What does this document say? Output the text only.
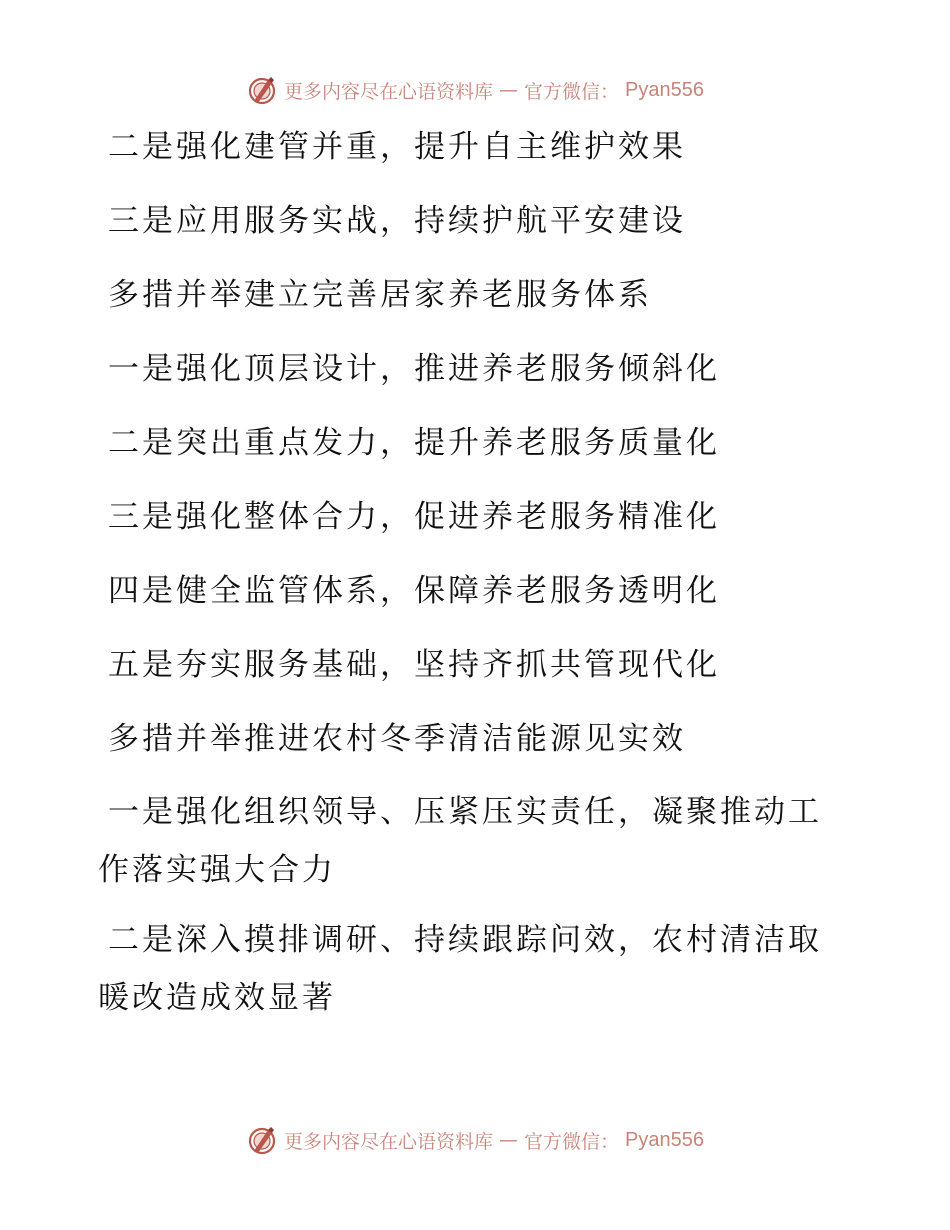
更多内容尽在心语资料库 — 官方微信： Pyan556

二是强化建管并重，提升自主维护效果

三是应用服务实战，持续护航平安建设

多措并举建立完善居家养老服务体系

一是强化顶层设计，推进养老服务倾斜化

二是突出重点发力，提升养老服务质量化

三是强化整体合力，促进养老服务精准化

四是健全监管体系，保障养老服务透明化

五是夯实服务基础，坚持齐抓共管现代化

多措并举推进农村冬季清洁能源见实效

一是强化组织领导、压紧压实责任，凝聚推动工作落实强大合力

二是深入摸排调研、持续跟踪问效，农村清洁取暖改造成效显著

更多内容尽在心语资料库 — 官方微信： Pyan556
